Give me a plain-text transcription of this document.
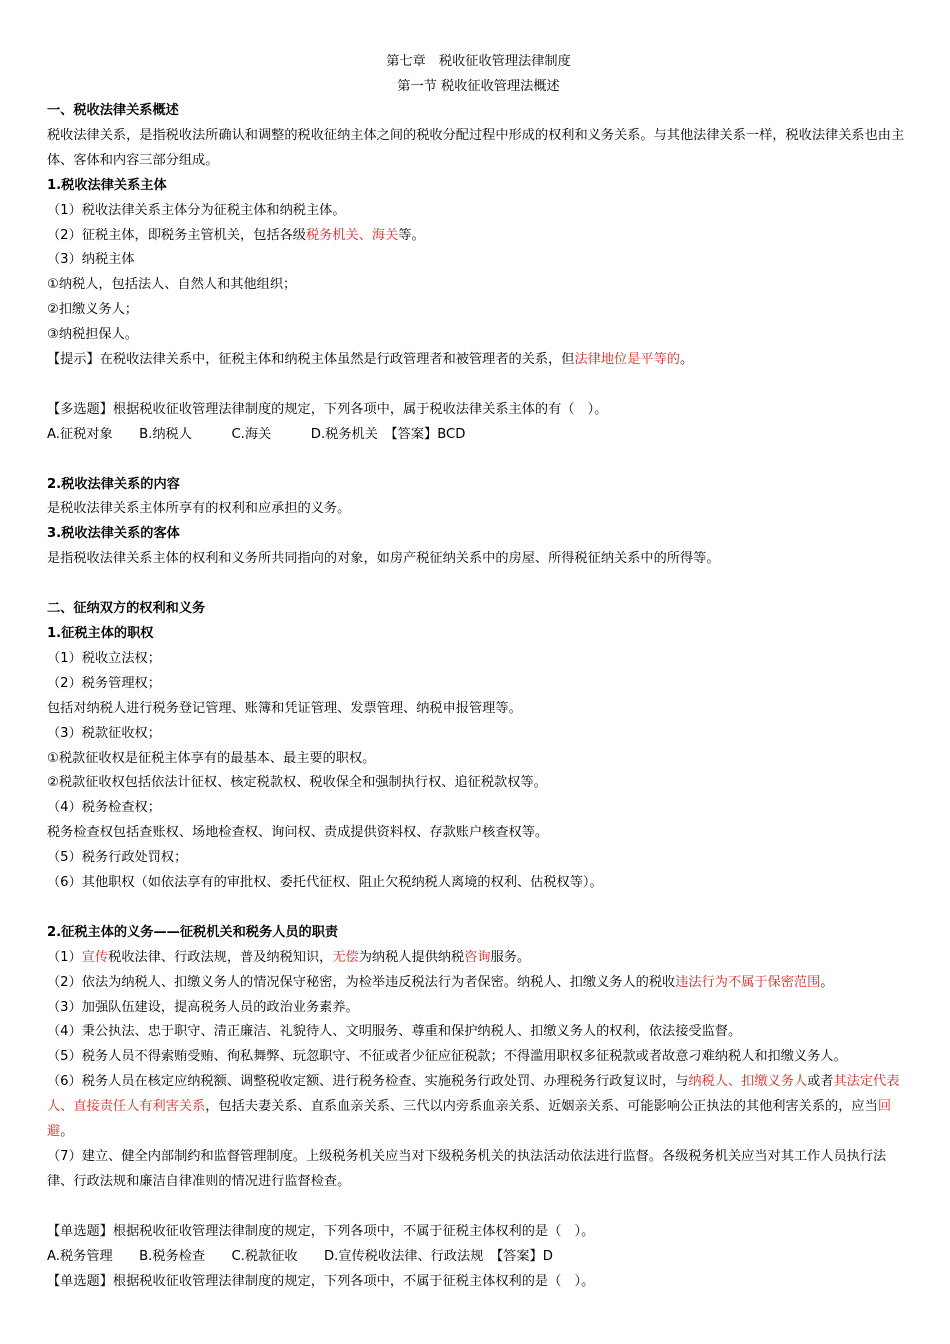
第七章　税收征收管理法律制度
第一节 税收征收管理法概述
一、税收法律关系概述
税收法律关系，是指税收法所确认和调整的税收征纳主体之间的税收分配过程中形成的权利和义务关系。与其他法律关系一样，税收法律关系也由主体、客体和内容三部分组成。
1.税收法律关系主体
（1）税收法律关系主体分为征税主体和纳税主体。
（2）征税主体，即税务主管机关，包括各级税务机关、海关等。
（3）纳税主体
①纳税人，包括法人、自然人和其他组织；
②扣缴义务人；
③纳税担保人。
【提示】在税收法律关系中，征税主体和纳税主体虽然是行政管理者和被管理者的关系，但法律地位是平等的。
【多选题】根据税收征收管理法律制度的规定，下列各项中，属于税收法律关系主体的有（　）。
A.征税对象　　B.纳税人　　　C.海关　　　D.税务机关　【答案】BCD
2.税收法律关系的内容
是税收法律关系主体所享有的权利和应承担的义务。
3.税收法律关系的客体
是指税收法律关系主体的权利和义务所共同指向的对象，如房产税征纳关系中的房屋、所得税征纳关系中的所得等。
二、征纳双方的权利和义务
1.征税主体的职权
（1）税收立法权；
（2）税务管理权；
包括对纳税人进行税务登记管理、账簿和凭证管理、发票管理、纳税申报管理等。
（3）税款征收权；
①税款征收权是征税主体享有的最基本、最主要的职权。
②税款征收权包括依法计征权、核定税款权、税收保全和强制执行权、追征税款权等。
（4）税务检查权；
税务检查权包括查账权、场地检查权、询问权、责成提供资料权、存款账户核查权等。
（5）税务行政处罚权；
（6）其他职权（如依法享有的审批权、委托代征权、阻止欠税纳税人离境的权利、估税权等）。
2.征税主体的义务——征税机关和税务人员的职责
（1）宣传税收法律、行政法规，普及纳税知识，无偿为纳税人提供纳税咨询服务。
（2）依法为纳税人、扣缴义务人的情况保守秘密，为检举违反税法行为者保密。纳税人、扣缴义务人的税收违法行为不属于保密范围。
（3）加强队伍建设，提高税务人员的政治业务素养。
（4）秉公执法、忠于职守、清正廉洁、礼貌待人、文明服务、尊重和保护纳税人、扣缴义务人的权利，依法接受监督。
（5）税务人员不得索贿受贿、徇私舞弊、玩忽职守、不征或者少征应征税款；不得滥用职权多征税款或者故意刁难纳税人和扣缴义务人。
（6）税务人员在核定应纳税额、调整税收定额、进行税务检查、实施税务行政处罚、办理税务行政复议时，与纳税人、扣缴义务人或者其法定代表人、直接责任人有利害关系，包括夫妻关系、直系血亲关系、三代以内旁系血亲关系、近姻亲关系、可能影响公正执法的其他利害关系的，应当回避。
（7）建立、健全内部制约和监督管理制度。上级税务机关应当对下级税务机关的执法活动依法进行监督。各级税务机关应当对其工作人员执行法律、行政法规和廉洁自律准则的情况进行监督检查。
【单选题】根据税收征收管理法律制度的规定，下列各项中，不属于征税主体权利的是（　）。
A.税务管理　　B.税务检查　　C.税款征收　　D.宣传税收法律、行政法规　【答案】D
【单选题】根据税收征收管理法律制度的规定，下列各项中，不属于征税主体权利的是（　）。
